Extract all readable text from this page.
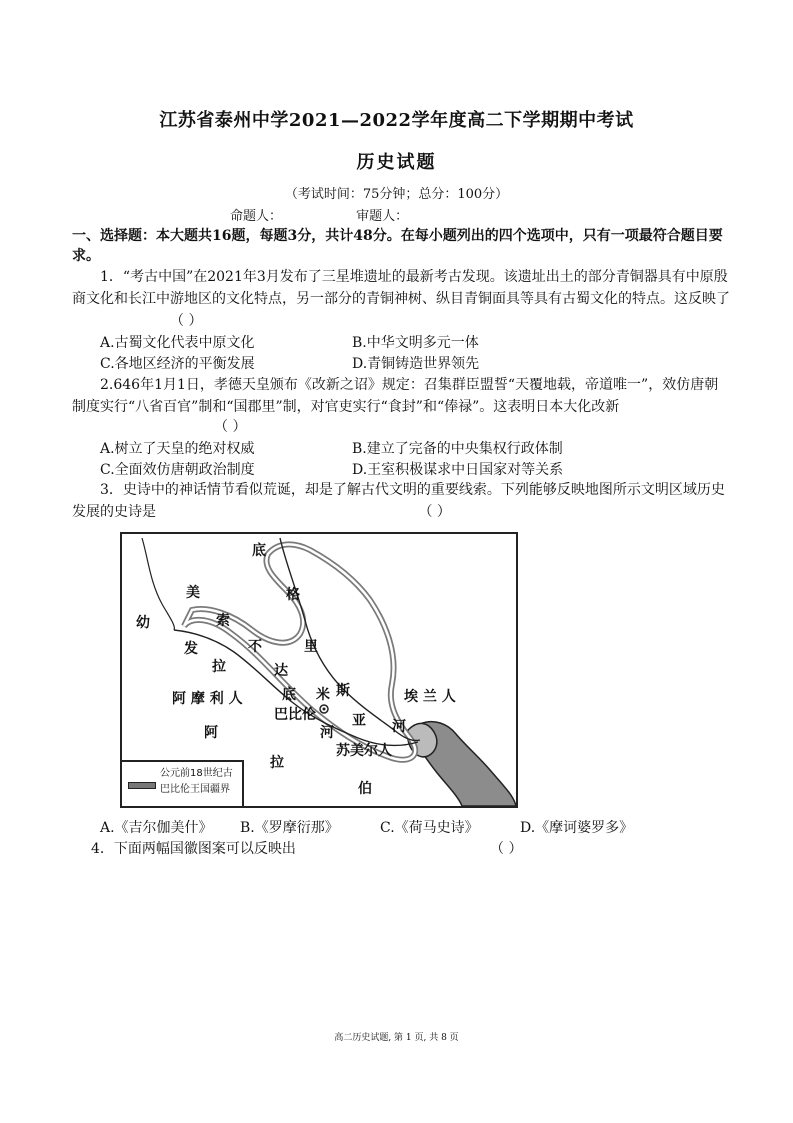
江苏省泰州中学2021—2022学年度高二下学期期中考试
历史试题
（考试时间：75分钟；总分：100分）
命题人：	审题人：
一、选择题：本大题共16题，每题3分，共计48分。在每小题列出的四个选项中，只有一项最符合题目要求。
1．“考古中国”在2021年3月发布了三星堆遗址的最新考古发现。该遗址出土的部分青铜器具有中原殷商文化和长江中游地区的文化特点，另一部分的青铜神树、纵目青铜面具等具有古蜀文化的特点。这反映了 （ ）
A.古蜀文化代表中原文化	B.中华文明多元一体
C.各地区经济的平衡发展	D.青铜铸造世界领先
2.646年1月1日，孝德天皇颁布《改新之诏》规定：召集群臣盟誓“天覆地载，帝道唯一”，效仿唐朝制度实行“八省百官”制和“国郡里”制，对官吏实行“食封”和“俸禄”。这表明日本大化改新
（ ）
A.树立了天皇的绝对权威	B.建立了完备的中央集权行政体制
C.全面效仿唐朝政治制度	D.王室积极谋求中日国家对等关系
3．史诗中的神话情节看似荒诞，却是了解古代文明的重要线索。下列能够反映地图所示文明区域历史发展的史诗是	（ ）
底
格
里
斯
河
幼
发
拉
底
河
美
索
不
达
米
亚
阿 摩 利 人
巴比伦
埃 兰 人
苏美尔人
阿
拉
伯
公元前18世纪古巴比伦王国疆界
A.《吉尔伽美什》 B.《罗摩衍那》	C.《荷马史诗》	D.《摩诃婆罗多》
4．下面两幅国徽图案可以反映出	（ ）
高二历史试题, 第 1 页, 共 8 页
